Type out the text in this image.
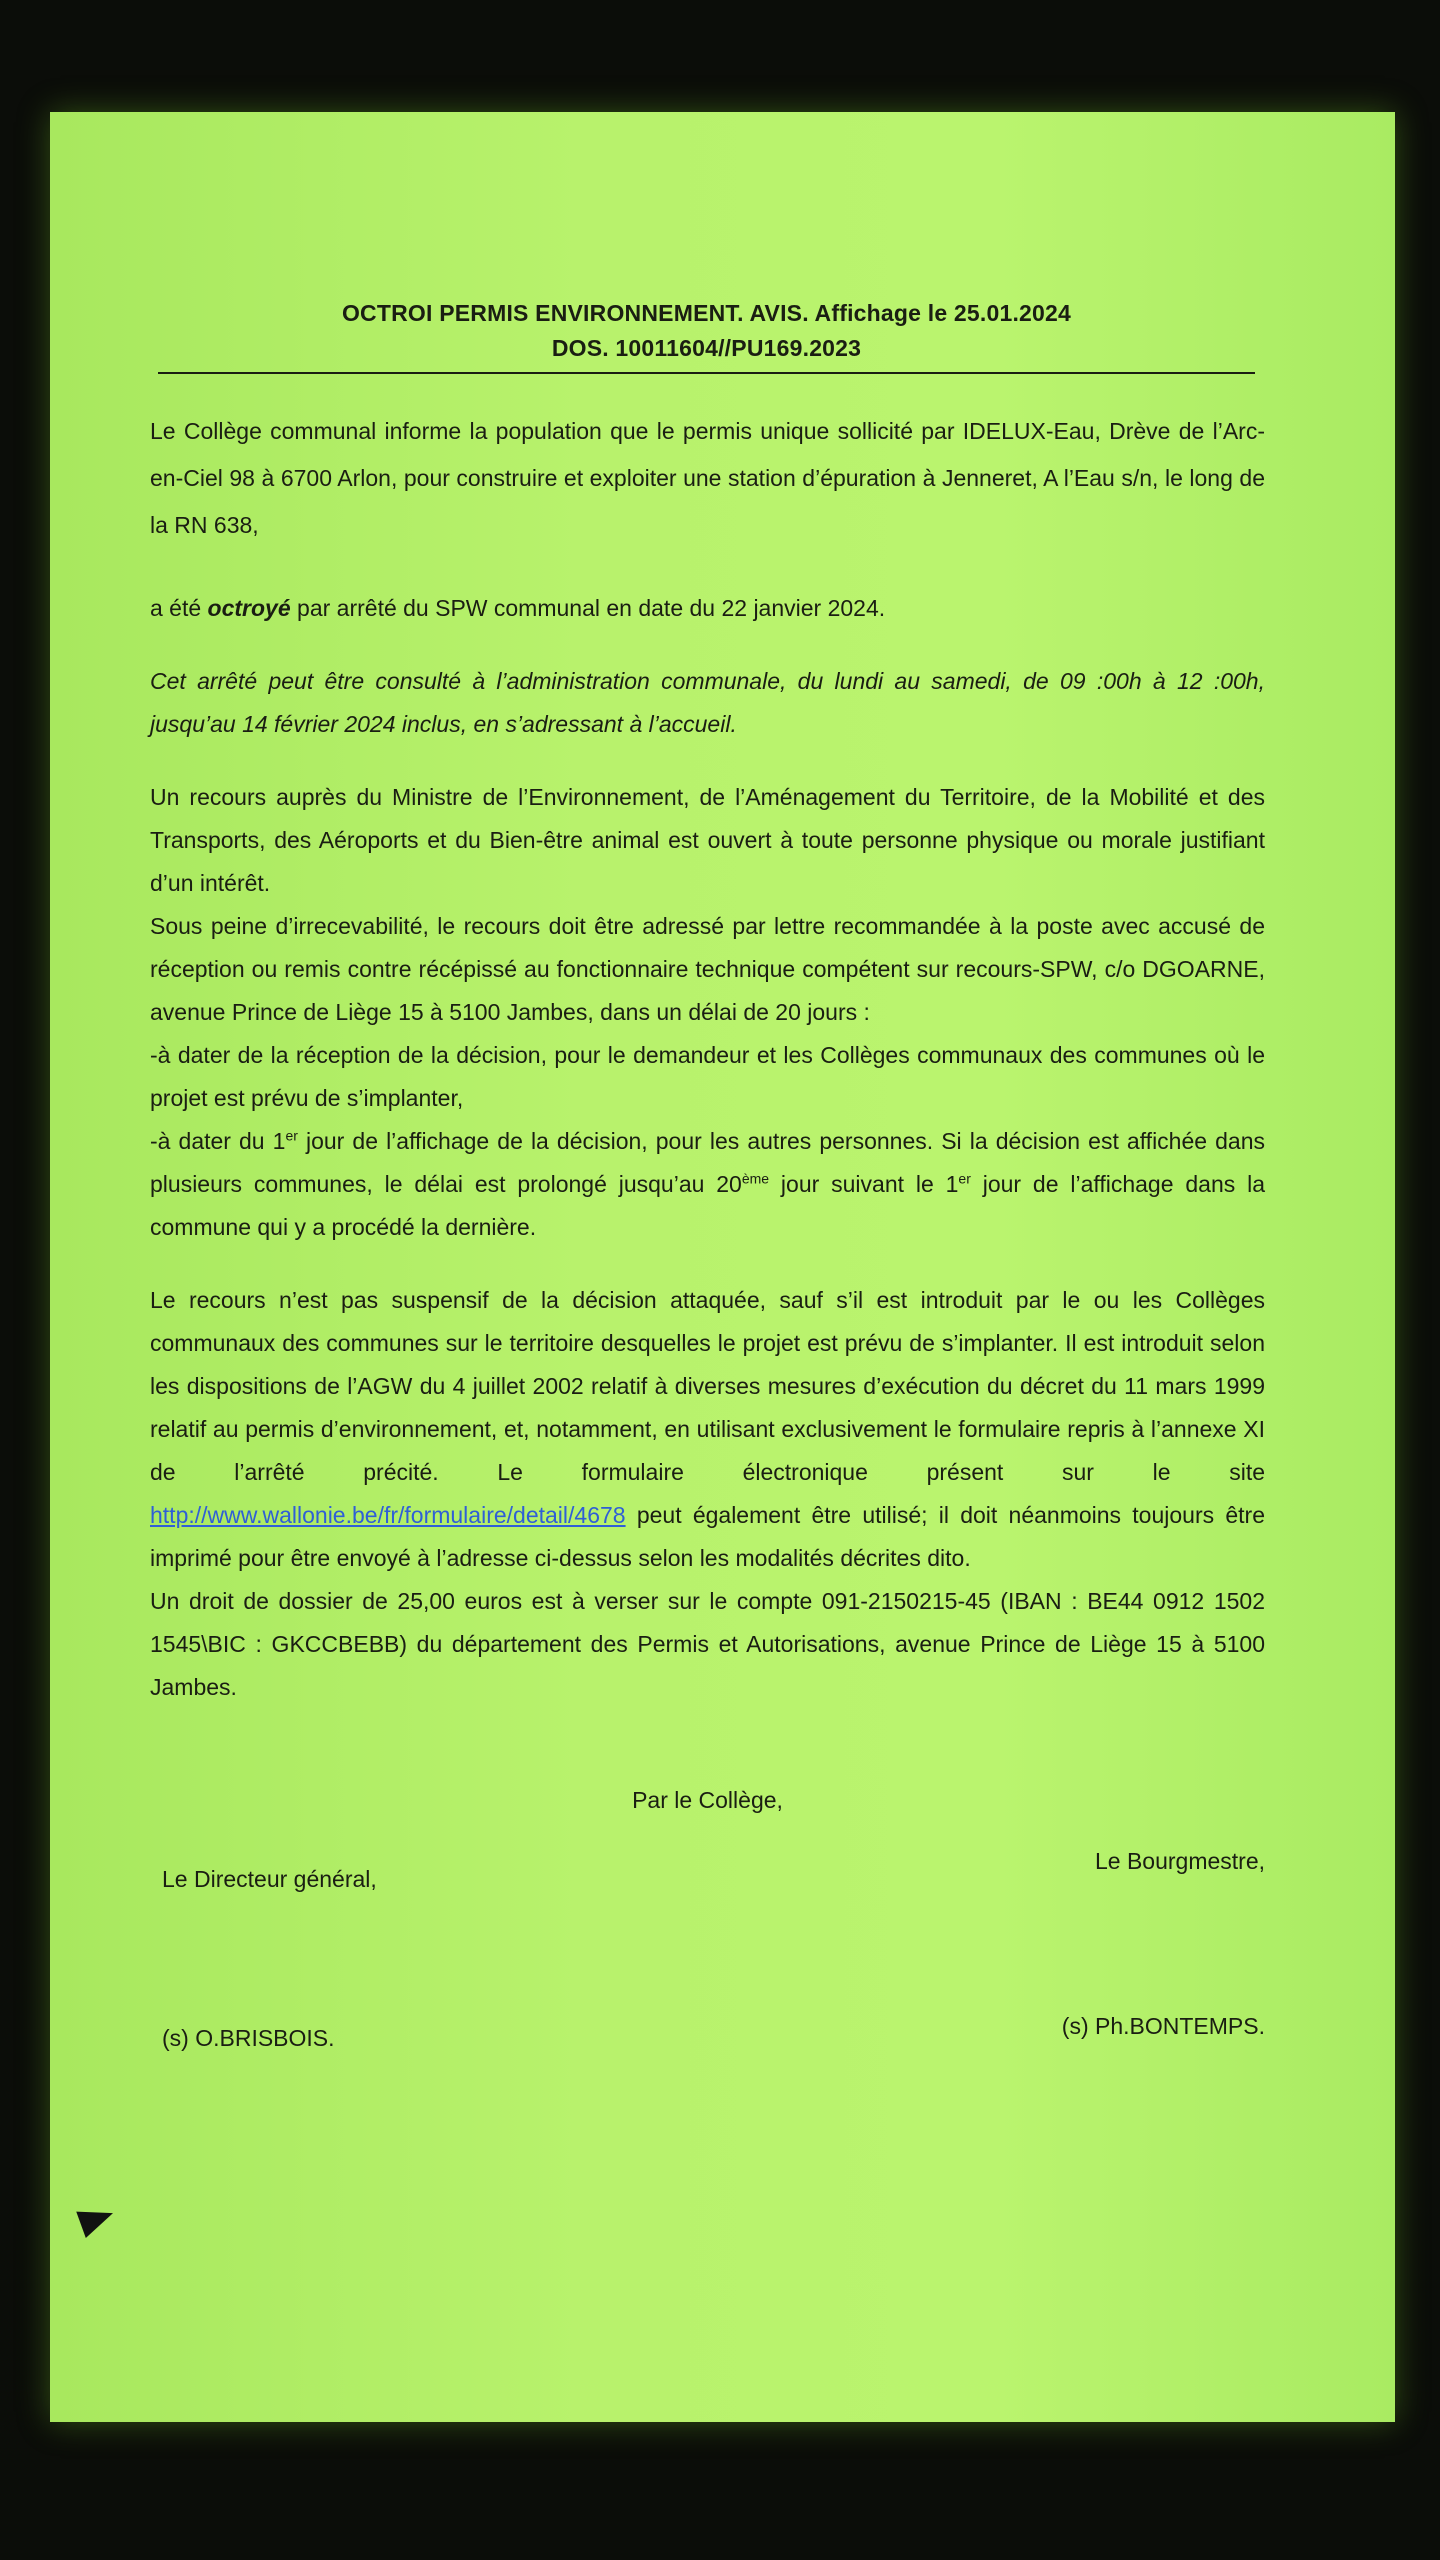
OCTROI PERMIS ENVIRONNEMENT. AVIS. Affichage le 25.01.2024
DOS. 10011604//PU169.2023

Le Collège communal informe la population que le permis unique sollicité par IDELUX-Eau, Drève de l’Arc-en-Ciel 98 à 6700 Arlon, pour construire et exploiter une station d’épuration à Jenneret, A l’Eau s/n, le long de la RN 638,

a été octroyé par arrêté du SPW communal en date du 22 janvier 2024.

Cet arrêté peut être consulté à l’administration communale, du lundi au samedi, de 09 :00h à 12 :00h, jusqu’au 14 février 2024 inclus, en s’adressant à l’accueil.

Un recours auprès du Ministre de l’Environnement, de l’Aménagement du Territoire, de la Mobilité et des Transports, des Aéroports et du Bien-être animal est ouvert à toute personne physique ou morale justifiant d’un intérêt.

Sous peine d’irrecevabilité, le recours doit être adressé par lettre recommandée à la poste avec accusé de réception ou remis contre récépissé au fonctionnaire technique compétent sur recours-SPW, c/o DGOARNE, avenue Prince de Liège 15 à 5100 Jambes, dans un délai de 20 jours :

-à dater de la réception de la décision, pour le demandeur et les Collèges communaux des communes où le projet est prévu de s’implanter,

-à dater du 1er jour de l’affichage de la décision, pour les autres personnes. Si la décision est affichée dans plusieurs communes, le délai est prolongé jusqu’au 20ème jour suivant le 1er jour de l’affichage dans la commune qui y a procédé la dernière.

Le recours n’est pas suspensif de la décision attaquée, sauf s’il est introduit par le ou les Collèges communaux des communes sur le territoire desquelles le projet est prévu de s’implanter. Il est introduit selon les dispositions de l’AGW du 4 juillet 2002 relatif à diverses mesures d’exécution du décret du 11 mars 1999 relatif au permis d’environnement, et, notamment, en utilisant exclusivement le formulaire repris à l’annexe XI de l’arrêté précité. Le formulaire électronique présent sur le site http://www.wallonie.be/fr/formulaire/detail/4678 peut également être utilisé; il doit néanmoins toujours être imprimé pour être envoyé à l’adresse ci-dessus selon les modalités décrites dito.

Un droit de dossier de 25,00 euros est à verser sur le compte 091-2150215-45 (IBAN : BE44 0912 1502 1545\BIC : GKCCBEBB) du département des Permis et Autorisations, avenue Prince de Liège 15 à 5100 Jambes.

Par le Collège,
Le Directeur général,
Le Bourgmestre,
(s) O.BRISBOIS.	(s) Ph.BONTEMPS.
